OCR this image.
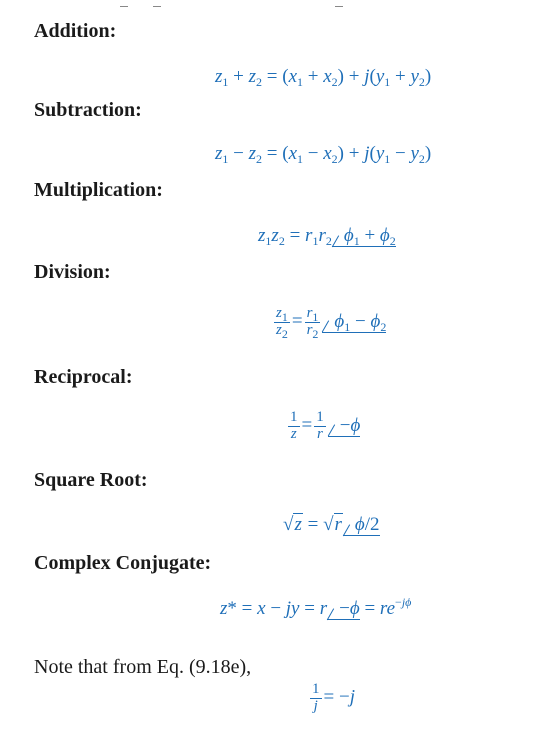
Addition:
$z_1 + z_2 = (x_1 + x_2) + j(y_1 + y_2)$
Subtraction:
$z_1 - z_2 = (x_1 - x_2) + j(y_1 - y_2)$
Multiplication:
$z_1z_2 = r_1r_2$ $\phi_1 + \phi_2$
Division:
$\frac{z_1}{z_2} = \frac{r_1}{r_2} \phi_1 - \phi_2$
Reciprocal:
$\frac{1}{z} = \frac{1}{r} -\phi$
Square Root:
√z = √r ϕ/2
Complex Conjugate:
z* = x − jy = $r -\phi = re^{-j\phi}$
Note that from Eq. (9.18e),
$\frac{1}{j} = -j$
